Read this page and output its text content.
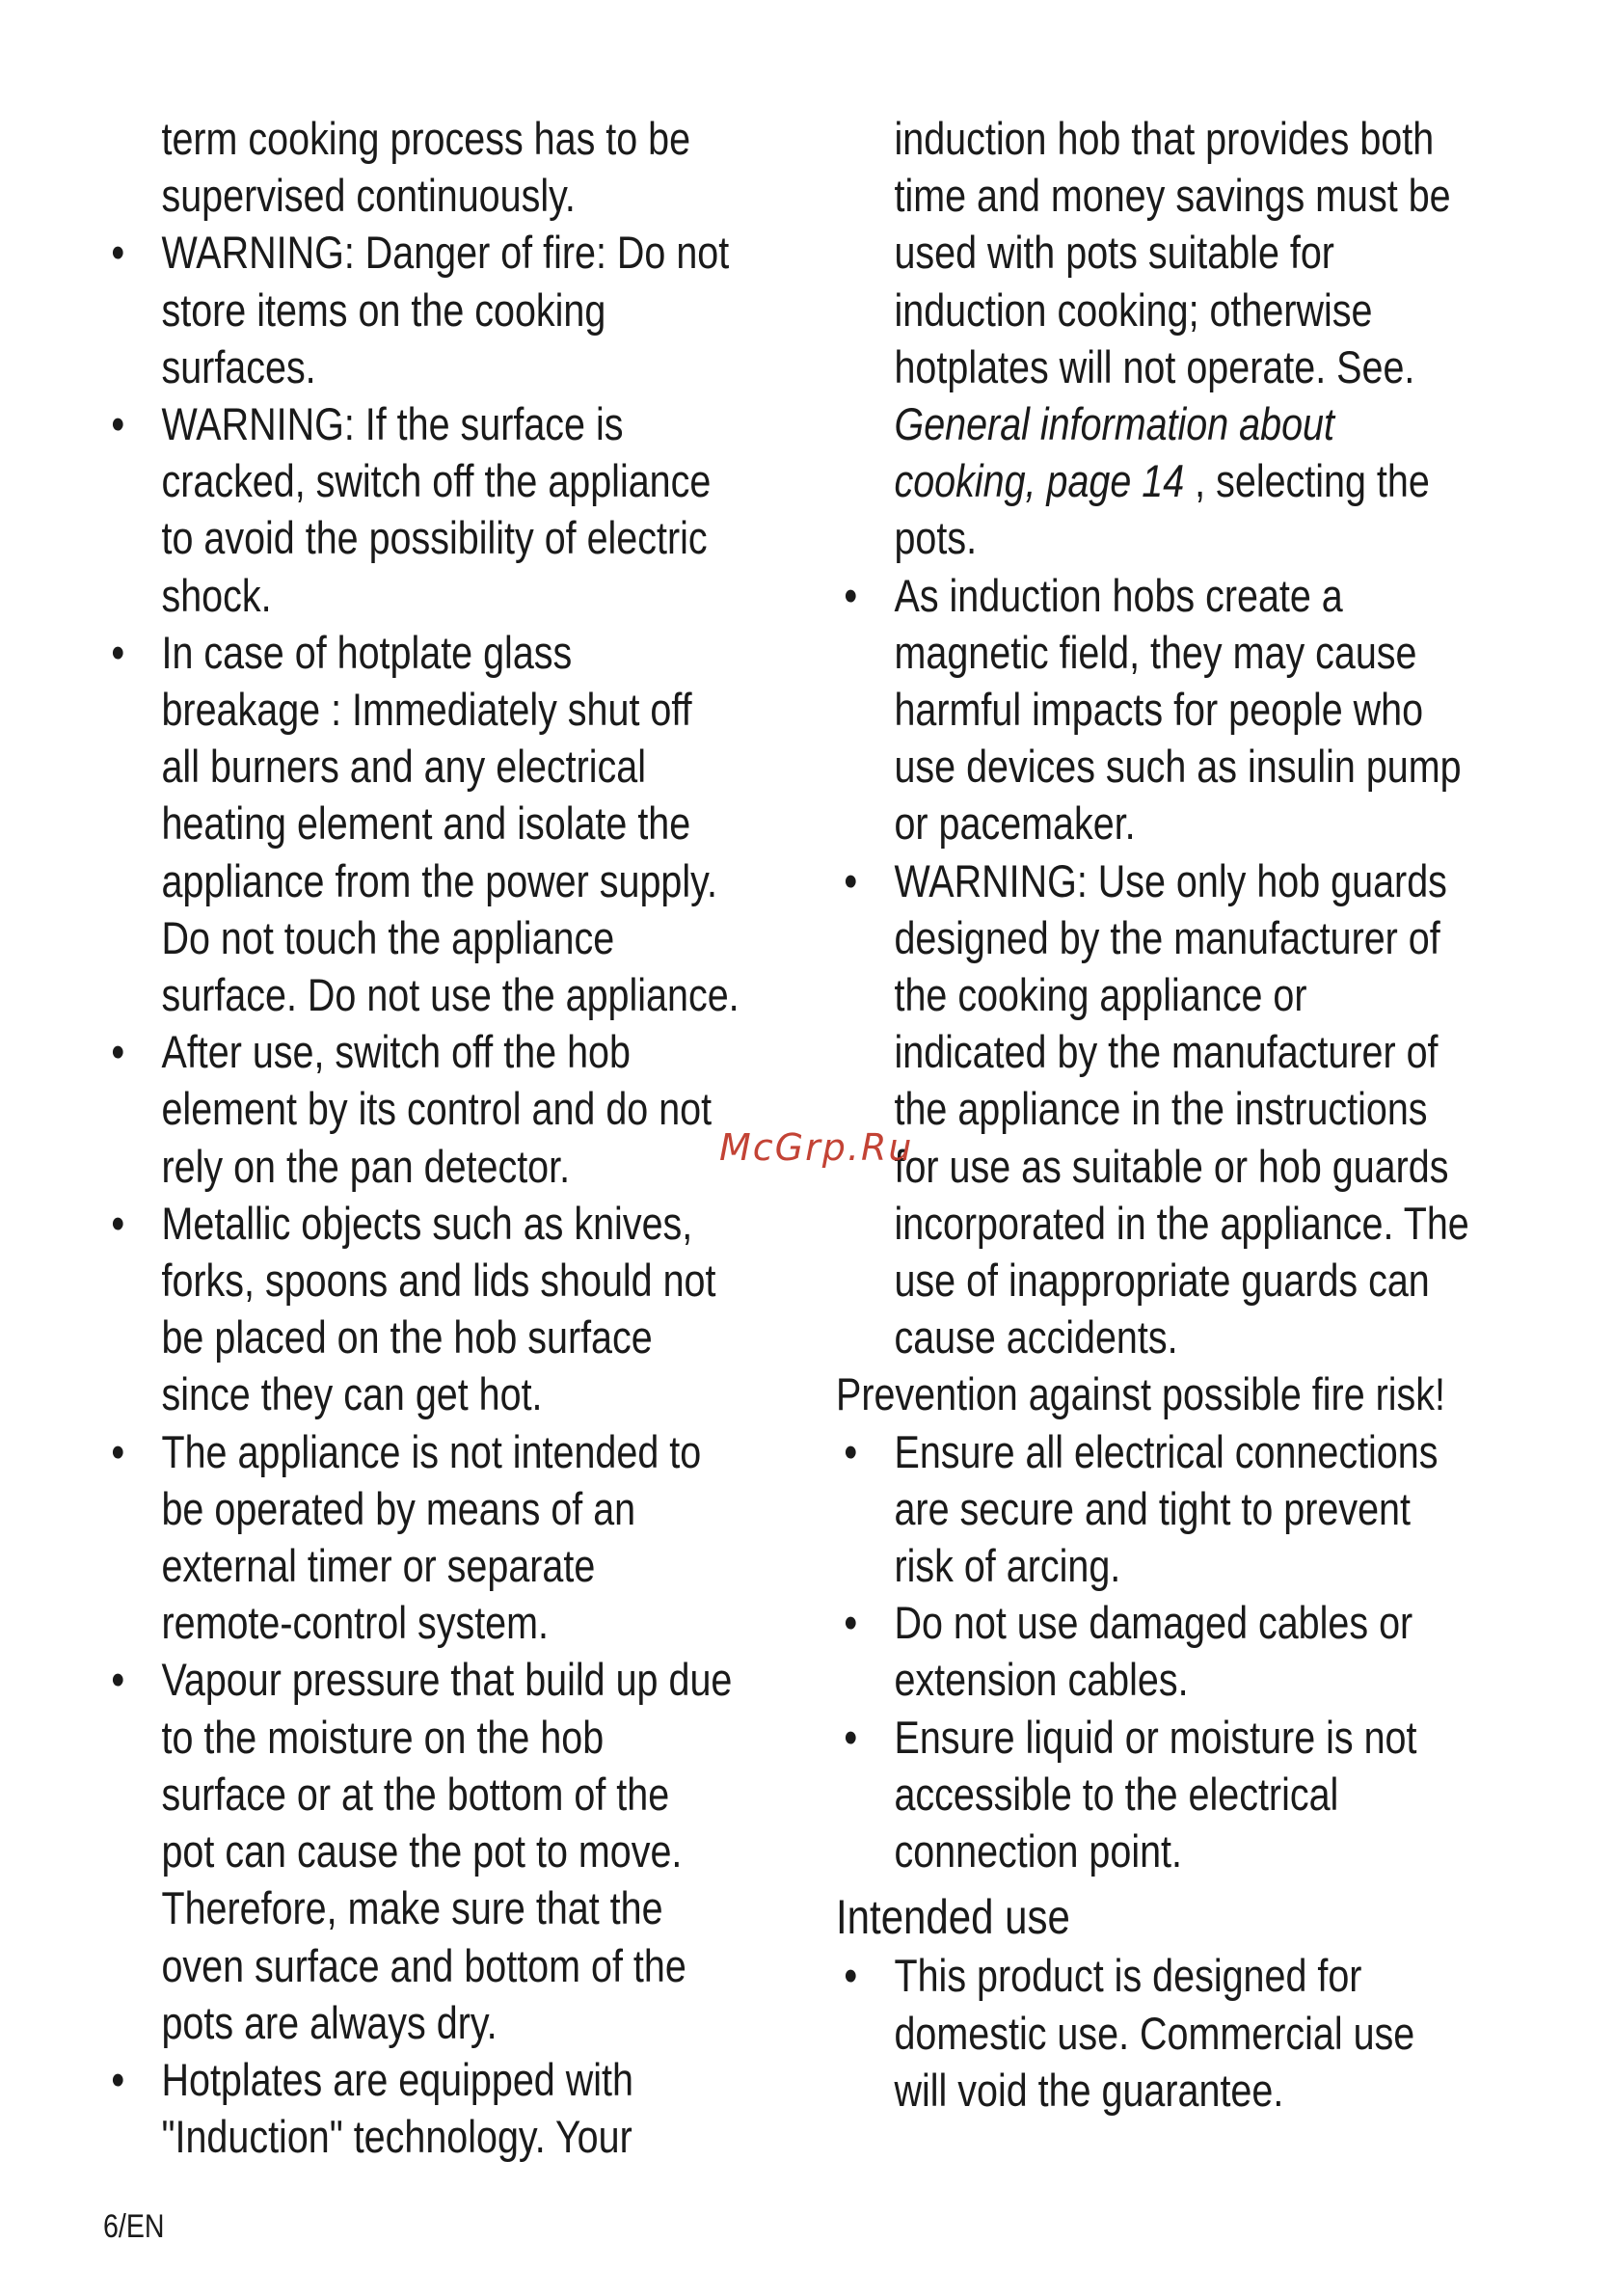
term cooking process has to be
supervised continuously.
• WARNING: Danger of fire: Do not
store items on the cooking
surfaces.
• WARNING: If the surface is
cracked, switch off the appliance
to avoid the possibility of electric
shock.
• In case of hotplate glass
breakage : Immediately shut off
all burners and any electrical
heating element and isolate the
appliance from the power supply.
Do not touch the appliance
surface. Do not use the appliance.
• After use, switch off the hob
element by its control and do not
rely on the pan detector.
• Metallic objects such as knives,
forks, spoons and lids should not
be placed on the hob surface
since they can get hot.
• The appliance is not intended to
be operated by means of an
external timer or separate
remote-control system.
• Vapour pressure that build up due
to the moisture on the hob
surface or at the bottom of the
pot can cause the pot to move.
Therefore, make sure that the
oven surface and bottom of the
pots are always dry.
• Hotplates are equipped with
"Induction" technology. Your
induction hob that provides both
time and money savings must be
used with pots suitable for
induction cooking; otherwise
hotplates will not operate. See.
General information about
cooking, page 14 , selecting the
pots.
• As induction hobs create a
magnetic field, they may cause
harmful impacts for people who
use devices such as insulin pump
or pacemaker.
• WARNING: Use only hob guards
designed by the manufacturer of
the cooking appliance or
indicated by the manufacturer of
the appliance in the instructions
for use as suitable or hob guards
incorporated in the appliance. The
use of inappropriate guards can
cause accidents.
Prevention against possible fire risk!
• Ensure all electrical connections
are secure and tight to prevent
risk of arcing.
• Do not use damaged cables or
extension cables.
• Ensure liquid or moisture is not
accessible to the electrical
connection point.
Intended use
• This product is designed for
domestic use. Commercial use
will void the guarantee.
McGrp.Ru
6/EN
